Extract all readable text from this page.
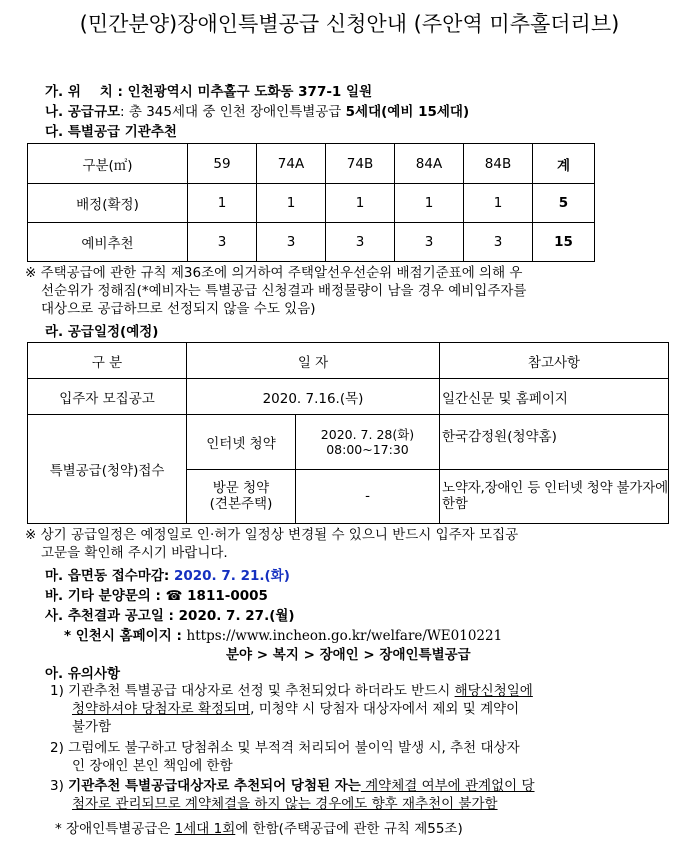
(민간분양)장애인특별공급 신청안내 (주안역 미추홀더리브)
가. 위    치 : 인천광역시 미추홀구 도화동 377-1 일원
나. 공급규모: 총 345세대 중 인천 장애인특별공급 5세대(예비 15세대)
다. 특별공급 기관추천
구분(㎡)	59	74A	74B	84A	84B	계
배정(확정)	1	1	1	1	1	5
예비추천	3	3	3	3	3	15
※ 주택공급에 관한 규칙 제36조에 의거하여 주택알선우선순위 배점기준표에 의해 우
선순위가 정해짐(*예비자는 특별공급 신청결과 배정물량이 남을 경우 예비입주자를
대상으로 공급하므로 선정되지 않을 수도 있음)
라. 공급일정(예정)
구 분	일 자		참고사항
입주자 모집공고	2020. 7.16.(목)		일간신문 및 홈페이지
특별공급(청약)접수	인터넷 청약	2020. 7. 28(화)
08:00~17:30	한국감정원(청약홈)

	방문 청약
(견본주택)	-	노약자,장애인 등 인터넷 청약 불가자에 한함
※ 상기 공급일정은 예정일로 인·허가 일정상 변경될 수 있으니 반드시 입주자 모집공
고문을 확인해 주시기 바랍니다.
마. 읍면동 접수마감: 2020. 7. 21.(화)
바. 기타 분양문의 : ☎ 1811-0005
사. 추천결과 공고일 : 2020. 7. 27.(월)
* 인천시 홈페이지 : https://www.incheon.go.kr/welfare/WE010221
분야 > 복지 > 장애인 > 장애인특별공급
아. 유의사항
1) 기관추천 특별공급 대상자로 선정 및 추천되었다 하더라도 반드시 해당신청일에
청약하셔야 당첨자로 확정되며, 미청약 시 당첨자 대상자에서 제외 및 계약이
불가함
2) 그럼에도 불구하고 당첨취소 및 부적격 처리되어 불이익 발생 시, 추천 대상자
인 장애인 본인 책임에 한함
3) 기관추천 특별공급대상자로 추천되어 당첨된 자는 계약체결 여부에 관계없이 당
첨자로 관리되므로 계약체결을 하지 않는 경우에도 향후 재추천이 불가함
* 장애인특별공급은 1세대 1회에 한함(주택공급에 관한 규칙 제55조)
